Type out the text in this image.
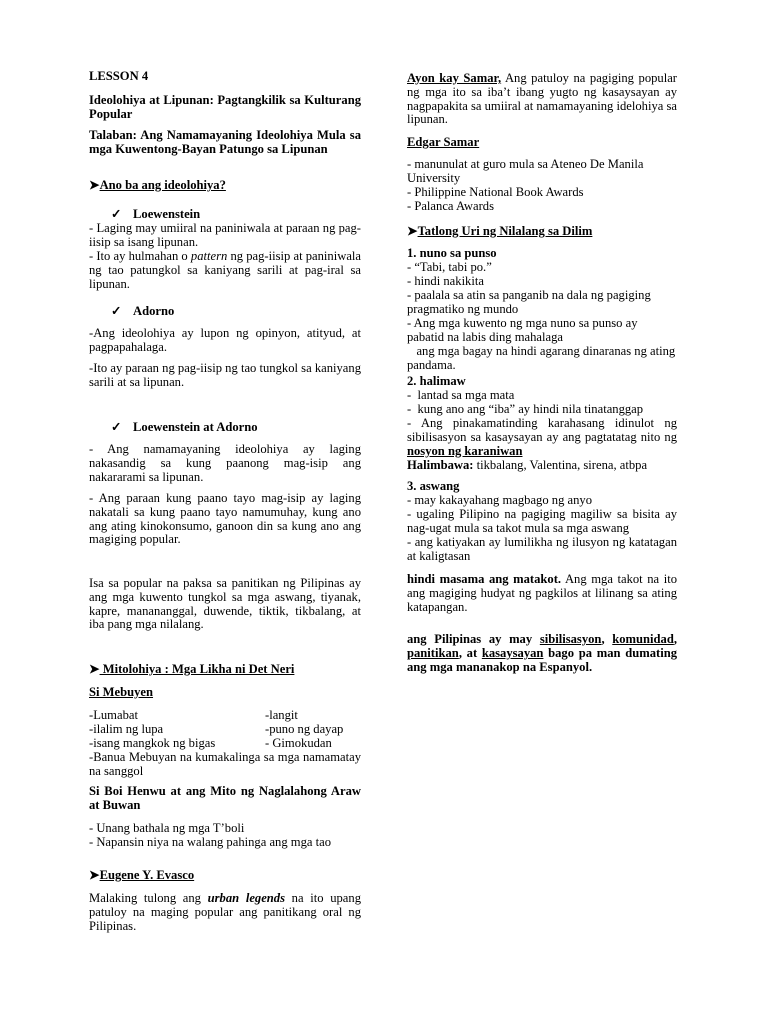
LESSON 4

Ideolohiya at Lipunan: Pagtangkilik sa Kulturang Popular

Talaban: Ang Namamayaning Ideolohiya Mula sa mga Kuwentong-Bayan Patungo sa Lipunan

➤Ano ba ang ideolohiya?

✓ Loewenstein

- Laging may umiiral na paniniwala at paraan ng pag-iisip sa isang lipunan.

- Ito ay hulmahan o pattern ng pag-iisip at paniniwala ng tao patungkol sa kaniyang sarili at pag-iral sa lipunan.

✓ Adorno

-Ang ideolohiya ay lupon ng opinyon, atityud, at pagpapahalaga.

-Ito ay paraan ng pag-iisip ng tao tungkol sa kaniyang sarili at sa lipunan.

✓ Loewenstein at Adorno

- Ang namamayaning ideolohiya ay laging nakasandig sa kung paanong mag-isip ang nakararami sa lipunan.

- Ang paraan kung paano tayo mag-isip ay laging nakatali sa kung paano tayo namumuhay, kung ano ang ating kinokonsumo, ganoon din sa kung ano ang magiging popular.

Isa sa popular na paksa sa panitikan ng Pilipinas ay ang mga kuwento tungkol sa mga aswang, tiyanak, kapre, manananggal, duwende, tiktik, tikbalang, at iba pang mga nilalang.

➤ Mitolohiya : Mga Likha ni Det Neri

Si Mebuyen

-Lumabat	-langit
-ilalim ng lupa	-puno ng dayap
-isang mangkok ng bigas	- Gimokudan

-Banua Mebuyan na kumakalinga sa mga namamatay na sanggol

Si Boi Henwu at ang Mito ng Naglalahong Araw at Buwan

- Unang bathala ng mga T’boli

- Napansin niya na walang pahinga ang mga tao

➤Eugene Y. Evasco

Malaking tulong ang urban legends na ito upang patuloy na maging popular ang panitikang oral ng Pilipinas.

Ayon kay Samar, Ang patuloy na pagiging popular ng mga ito sa iba’t ibang yugto ng kasaysayan ay nagpapakita sa umiiral at namamayaning idelohiya sa lipunan.

Edgar Samar

- manunulat at guro mula sa Ateneo De Manila University

- Philippine National Book Awards

- Palanca Awards

➤Tatlong Uri ng Nilalang sa Dilim

1. nuno sa punso

- “Tabi, tabi po.”

- hindi nakikita

- paalala sa atin sa panganib na dala ng pagiging pragmatiko ng mundo

- Ang mga kuwento ng mga nuno sa punso ay pabatid na labis ding mahalaga

ang mga bagay na hindi agarang dinaranas ng ating pandama.

2. halimaw

-  lantad sa mga mata

-  kung ano ang “iba” ay hindi nila tinatanggap

- Ang pinakamatinding karahasang idinulot ng sibilisasyon sa kasaysayan ay ang pagtatatag nito ng nosyon ng karaniwan

Halimbawa: tikbalang, Valentina, sirena, atbpa

3. aswang

- may kakayahang magbago ng anyo

- ugaling Pilipino na pagiging magiliw sa bisita ay nag-ugat mula sa takot mula sa mga aswang

- ang katiyakan ay lumilikha ng ilusyon ng katatagan at kaligtasan

hindi masama ang matakot. Ang mga takot na ito ang magiging hudyat ng pagkilos at lilinang sa ating katapangan.

ang Pilipinas ay may sibilisasyon, komunidad, panitikan, at kasaysayan bago pa man dumating ang mga mananakop na Espanyol.
